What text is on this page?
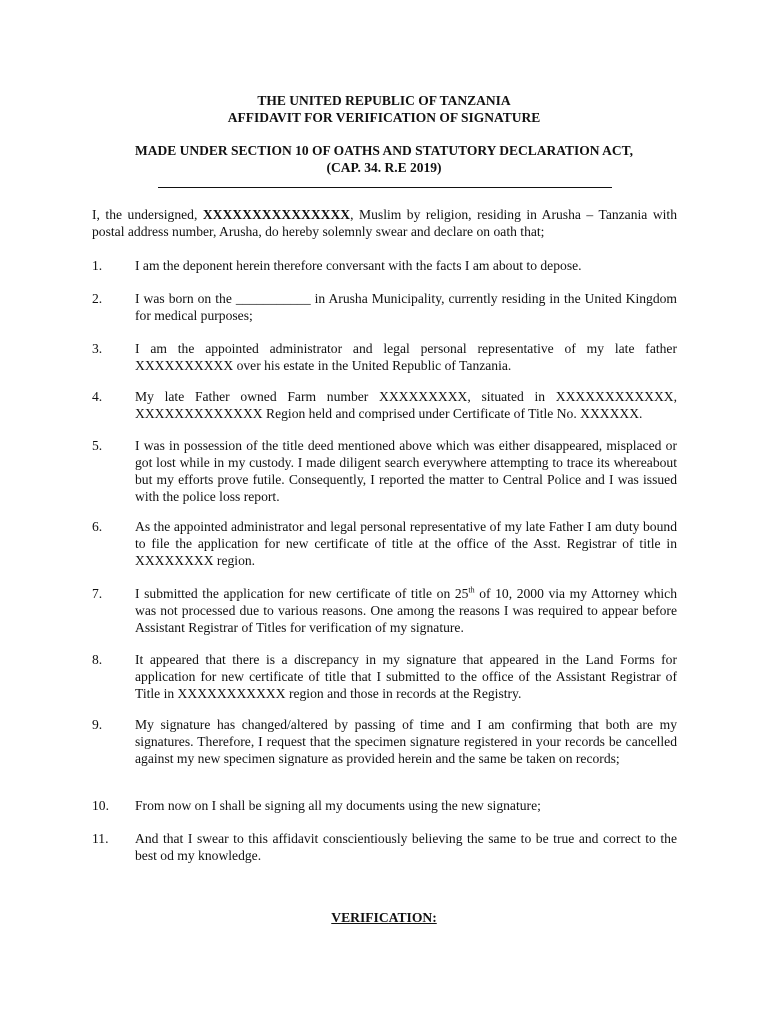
THE UNITED REPUBLIC OF TANZANIA
AFFIDAVIT FOR VERIFICATION OF SIGNATURE
MADE UNDER SECTION 10 OF OATHS AND STATUTORY DECLARATION ACT,
(CAP. 34. R.E 2019)
I, the undersigned, XXXXXXXXXXXXXXX, Muslim by religion, residing in Arusha – Tanzania with postal address number, Arusha, do hereby solemnly swear and declare on oath that;
1. I am the deponent herein therefore conversant with the facts I am about to depose.
2. I was born on the ___________ in Arusha Municipality, currently residing in the United Kingdom for medical purposes;
3. I am the appointed administrator and legal personal representative of my late father XXXXXXXXXX over his estate in the United Republic of Tanzania.
4. My late Father owned Farm number XXXXXXXXX, situated in XXXXXXXXXXXX, XXXXXXXXXXXXX Region held and comprised under Certificate of Title No. XXXXXX.
5. I was in possession of the title deed mentioned above which was either disappeared, misplaced or got lost while in my custody. I made diligent search everywhere attempting to trace its whereabout but my efforts prove futile. Consequently, I reported the matter to Central Police and I was issued with the police loss report.
6. As the appointed administrator and legal personal representative of my late Father I am duty bound to file the application for new certificate of title at the office of the Asst. Registrar of title in XXXXXXXX region.
7. I submitted the application for new certificate of title on 25th of 10, 2000 via my Attorney which was not processed due to various reasons. One among the reasons I was required to appear before Assistant Registrar of Titles for verification of my signature.
8. It appeared that there is a discrepancy in my signature that appeared in the Land Forms for application for new certificate of title that I submitted to the office of the Assistant Registrar of Title in XXXXXXXXXXX region and those in records at the Registry.
9. My signature has changed/altered by passing of time and I am confirming that both are my signatures. Therefore, I request that the specimen signature registered in your records be cancelled against my new specimen signature as provided herein and the same be taken on records;
10. From now on I shall be signing all my documents using the new signature;
11. And that I swear to this affidavit conscientiously believing the same to be true and correct to the best od my knowledge.
VERIFICATION:
